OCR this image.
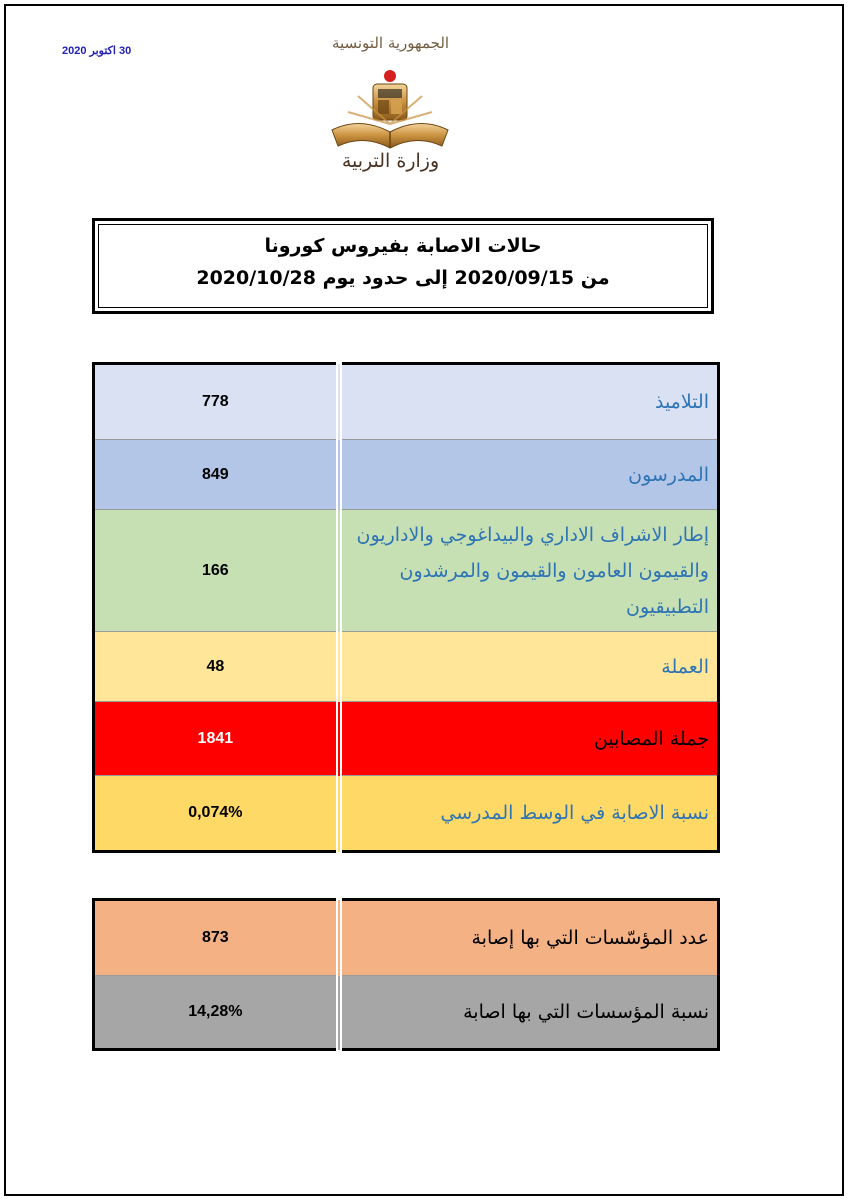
30 اكتوبر 2020	الجمهورية التونسية
وزارة التربية
حالات الاصابة بفيروس كورونا
من 2020/09/15 إلى حدود يوم 2020/10/28
التلاميذ	778
المدرسون	849
إطار الاشراف الاداري والبيداغوجي والاداريون والقيمون العامون والقيمون والمرشدون التطبيقيون	166
العملة	48
جملة المصابين	1841
نسبة الاصابة في الوسط المدرسي	0,074%
عدد المؤسّسات التي بها إصابة	873
نسبة المؤسسات التي بها اصابة	14,28%
